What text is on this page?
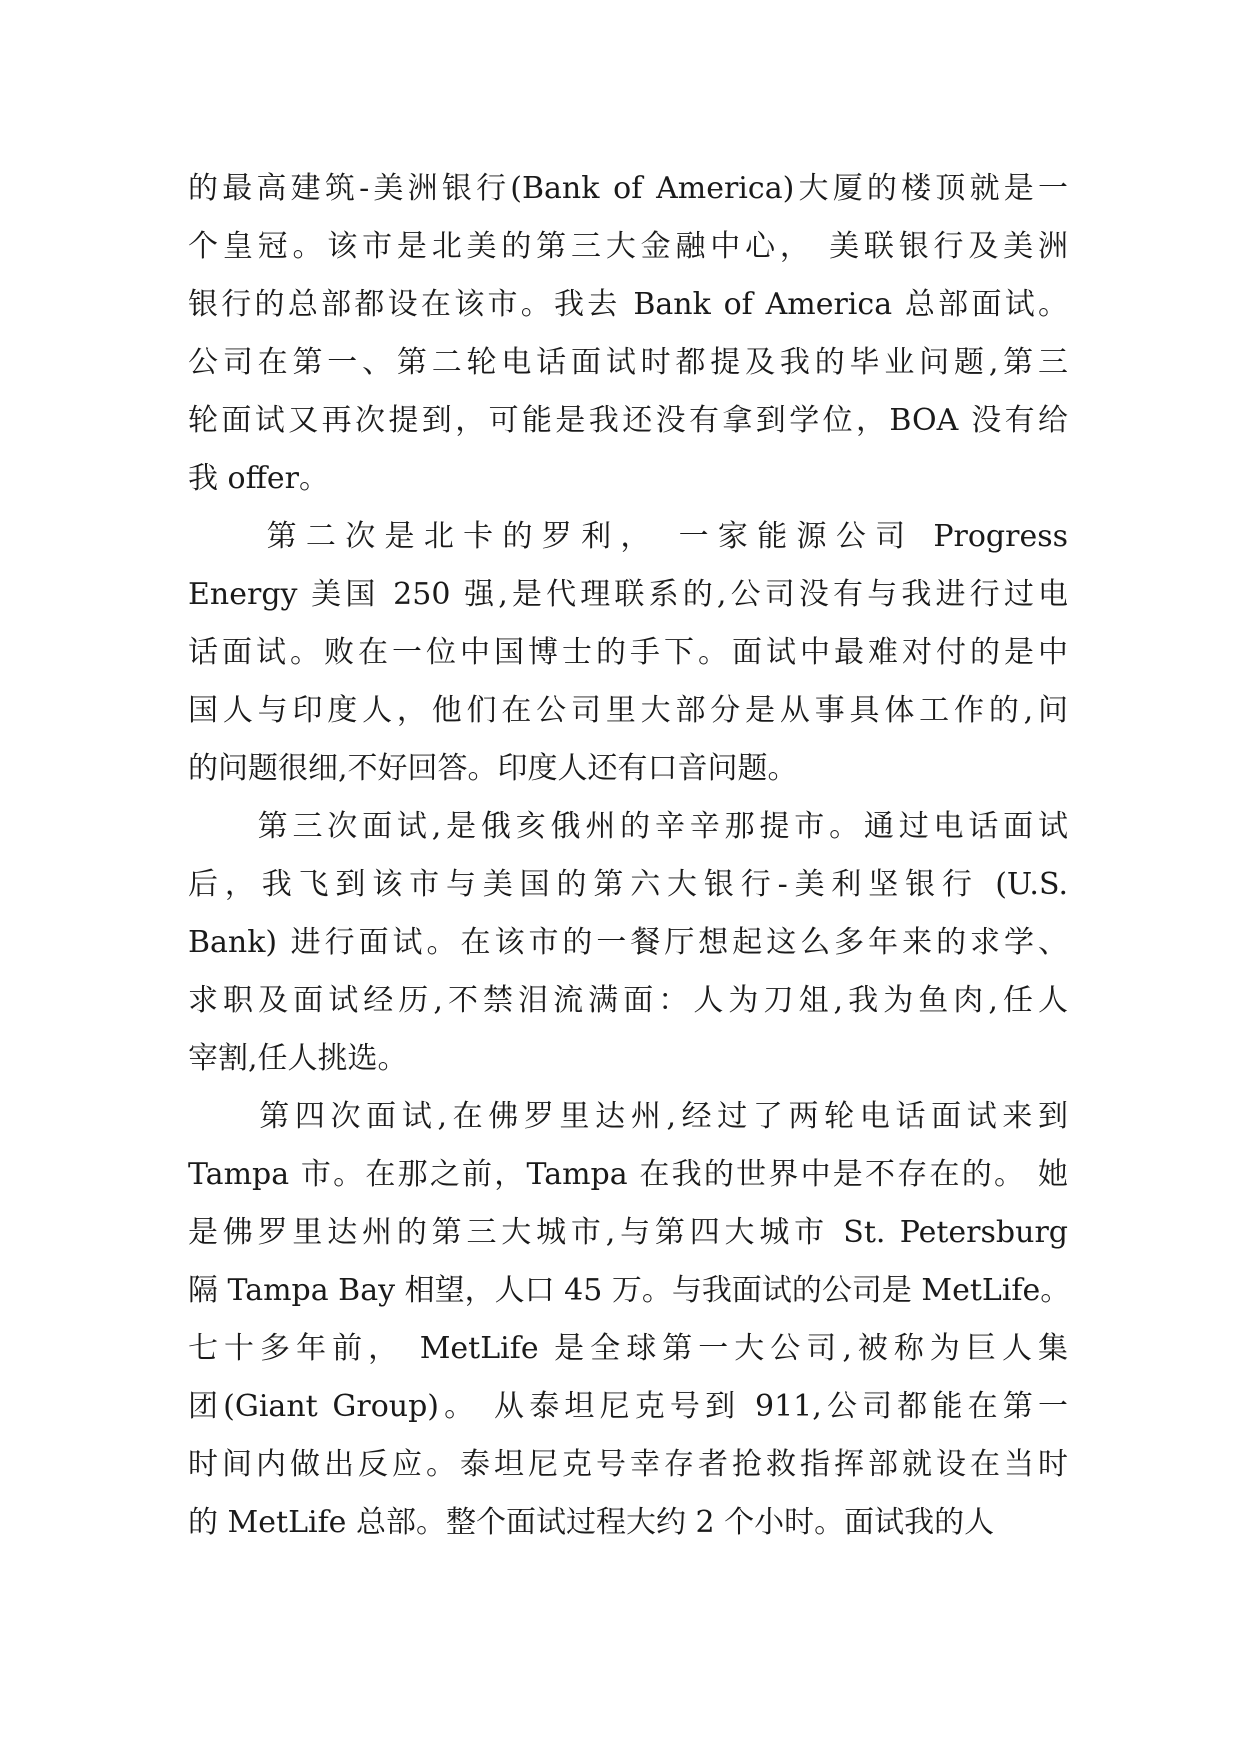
的最高建筑-美洲银行(Bank of America)大厦的楼顶就是一
个皇冠。该市是北美的第三大金融中心， 美联银行及美洲
银行的总部都设在该市。我去 Bank of America 总部面试。
公司在第一、第二轮电话面试时都提及我的毕业问题,第三
轮面试又再次提到，可能是我还没有拿到学位，BOA 没有给
我 offer。
　　第二次是北卡的罗利， 一家能源公司 Progress
Energy 美国 250 强,是代理联系的,公司没有与我进行过电
话面试。败在一位中国博士的手下。面试中最难对付的是中
国人与印度人，他们在公司里大部分是从事具体工作的,问
的问题很细,不好回答。印度人还有口音问题。
　　第三次面试,是俄亥俄州的辛辛那提市。通过电话面试
后，我飞到该市与美国的第六大银行-美利坚银行 (U.S.
Bank) 进行面试。在该市的一餐厅想起这么多年来的求学、
求职及面试经历,不禁泪流满面：人为刀俎,我为鱼肉,任人
宰割,任人挑选。
　　第四次面试,在佛罗里达州,经过了两轮电话面试来到
Tampa 市。在那之前，Tampa 在我的世界中是不存在的。 她
是佛罗里达州的第三大城市,与第四大城市 St. Petersburg
隔 Tampa Bay 相望，人口 45 万。与我面试的公司是 MetLife。
七十多年前， MetLife 是全球第一大公司,被称为巨人集
团(Giant Group)。 从泰坦尼克号到 911,公司都能在第一
时间内做出反应。泰坦尼克号幸存者抢救指挥部就设在当时
的 MetLife 总部。整个面试过程大约 2 个小时。面试我的人
